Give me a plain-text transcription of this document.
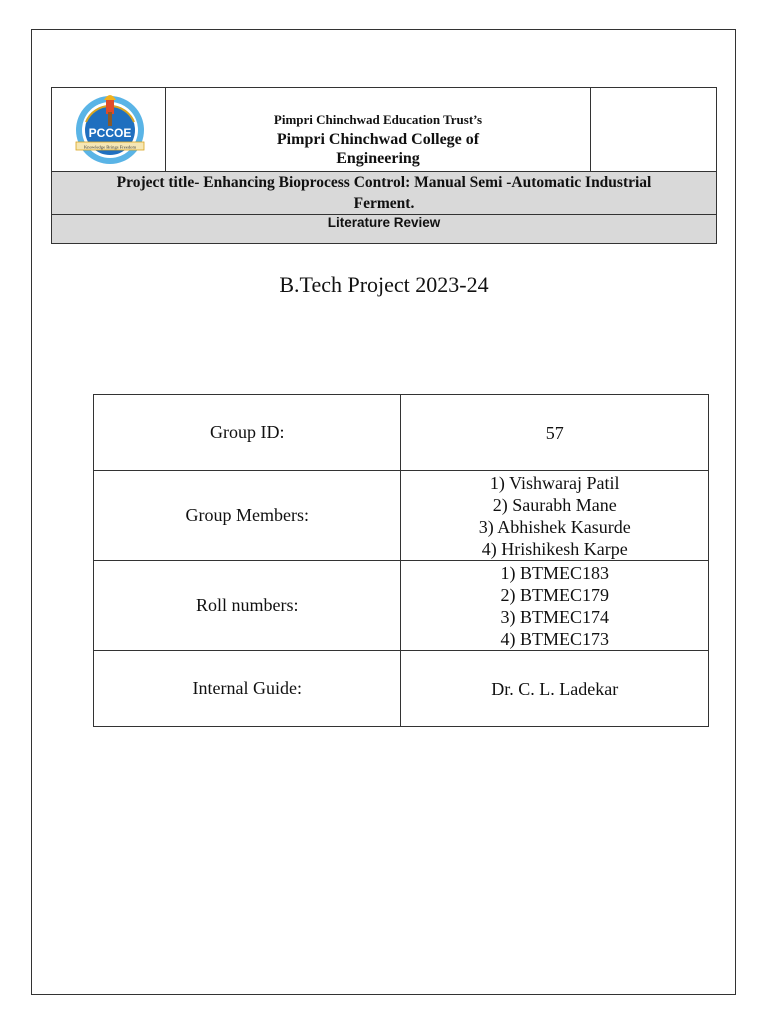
PCCOE
Knowledge Brings Freedom
Pimpri Chinchwad Education Trust’s
Pimpri Chinchwad College of
Engineering
Project title- Enhancing Bioprocess Control: Manual Semi -Automatic Industrial
Ferment.
Literature Review
B.Tech Project 2023-24
Group ID:	57
Group Members:	1) Vishwaraj Patil
2) Saurabh Mane
3) Abhishek Kasurde
4) Hrishikesh Karpe

Roll numbers:	1) BTMEC183
2) BTMEC179
3) BTMEC174
4) BTMEC173

Internal Guide:	Dr. C. L. Ladekar
